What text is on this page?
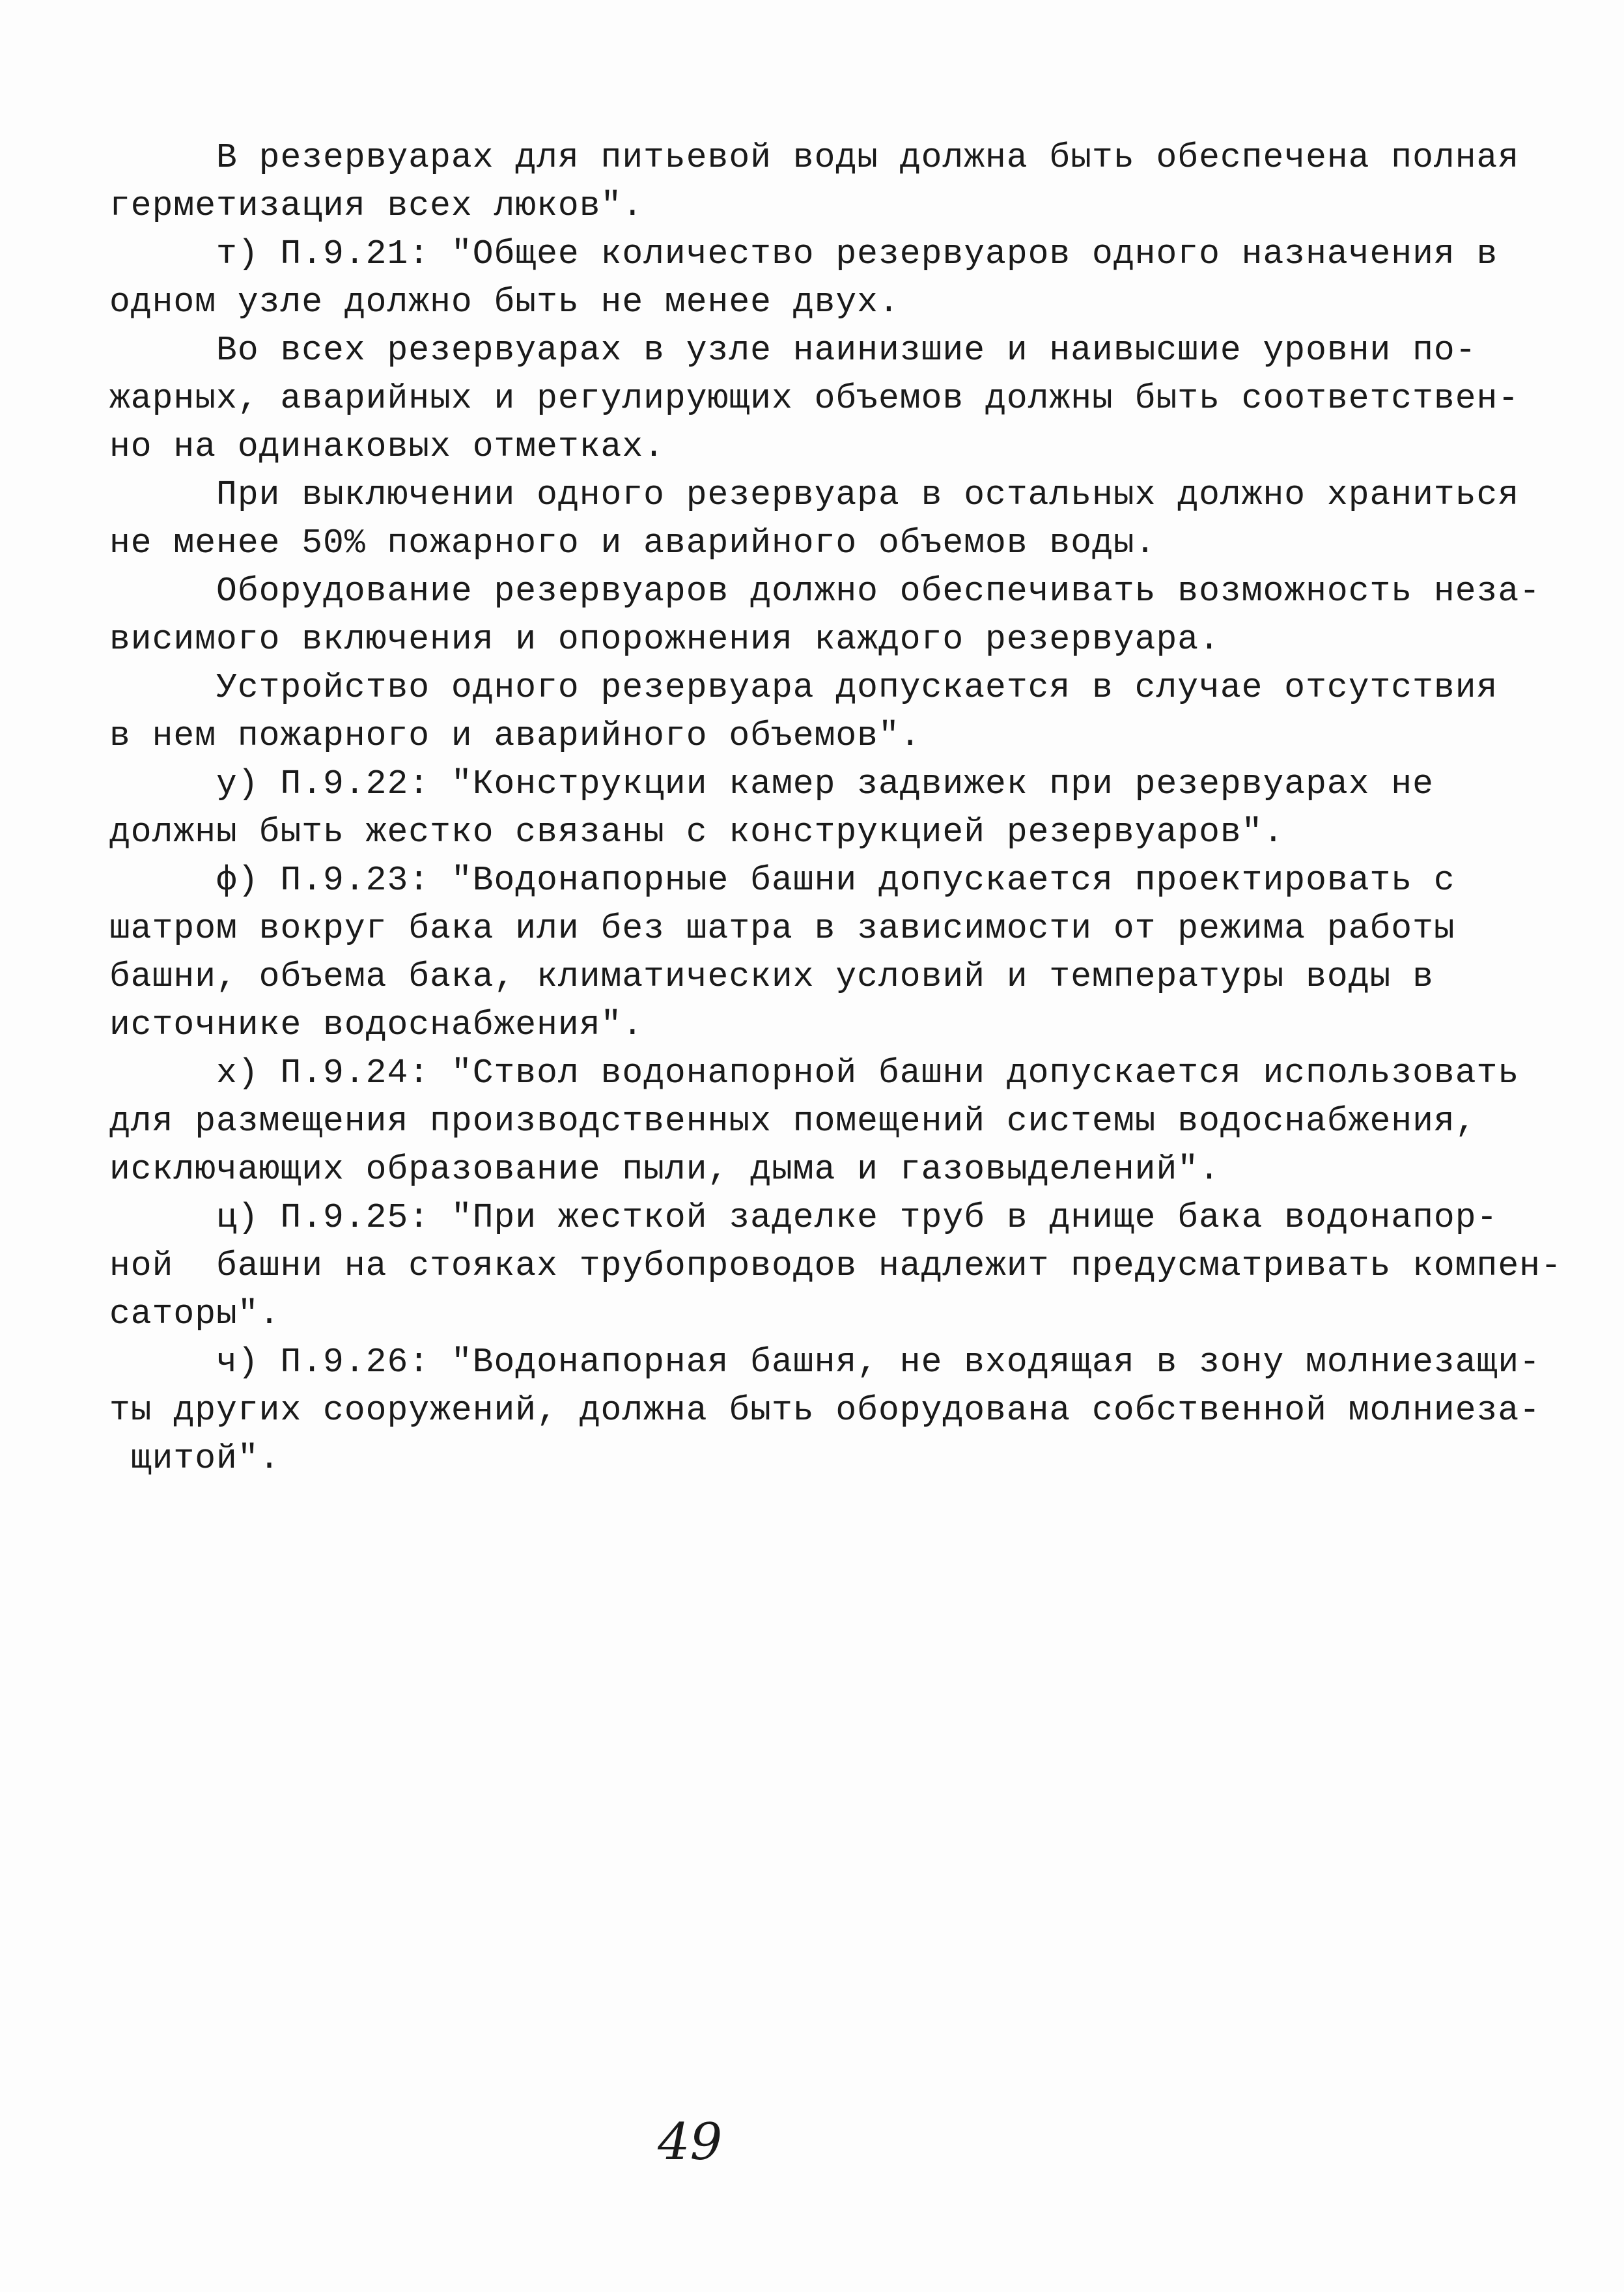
В резервуарах для питьевой воды должна быть обеспечена полная
герметизация всех люков".
т) П.9.21: "Общее количество резервуаров одного назначения в
одном узле должно быть не менее двух.
Во всех резервуарах в узле наинизшие и наивысшие уровни по-
жарных, аварийных и регулирующих объемов должны быть соответствен-
но на одинаковых отметках.
При выключении одного резервуара в остальных должно храниться
не менее 50% пожарного и аварийного объемов воды.
Оборудование резервуаров должно обеспечивать возможность неза-
висимого включения и опорожнения каждого резервуара.
Устройство одного резервуара допускается в случае отсутствия
в нем пожарного и аварийного объемов".
у) П.9.22: "Конструкции камер задвижек при резервуарах не
должны быть жестко связаны с конструкцией резервуаров".
ф) П.9.23: "Водонапорные башни допускается проектировать с
шатром вокруг бака или без шатра в зависимости от режима работы
башни, объема бака, климатических условий и температуры воды в
источнике водоснабжения".
х) П.9.24: "Ствол водонапорной башни допускается использовать
для размещения производственных помещений системы водоснабжения,
исключающих образование пыли, дыма и газовыделений".
ц) П.9.25: "При жесткой заделке труб в днище бака водонапор-
ной  башни на стояках трубопроводов надлежит предусматривать компен-
саторы".
ч) П.9.26: "Водонапорная башня, не входящая в зону молниезащи-
ты других сооружений, должна быть оборудована собственной молниеза-
щитой".
49
